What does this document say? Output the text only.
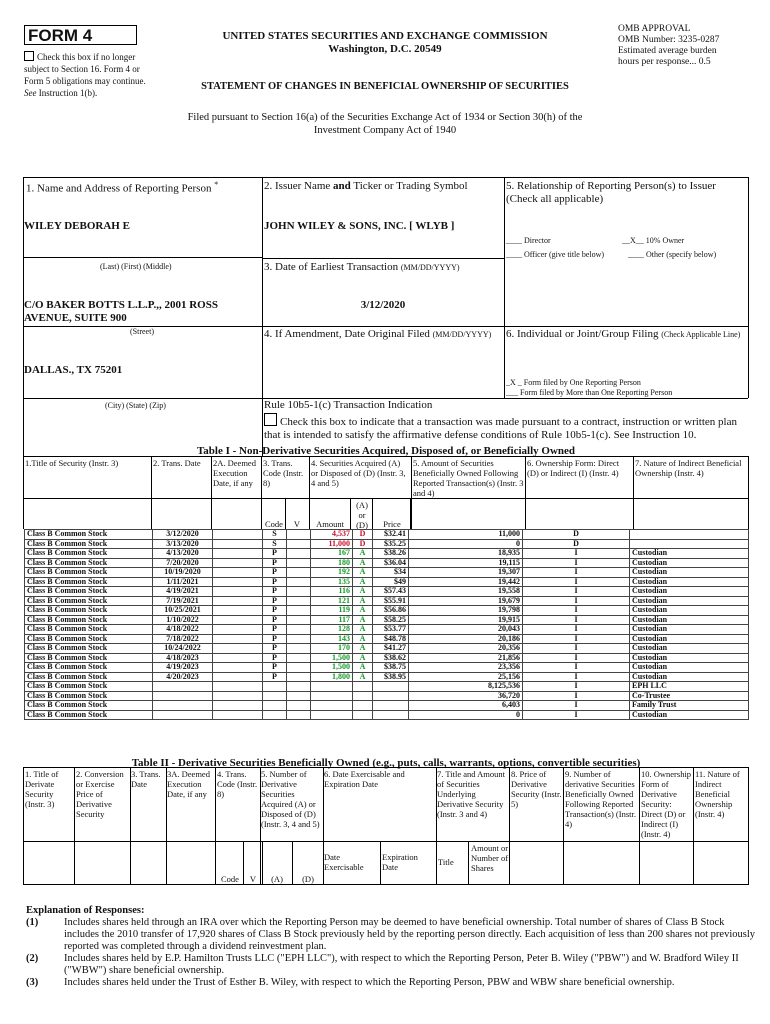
FORM 4
Check this box if no longer subject to Section 16. Form 4 or Form 5 obligations may continue. See Instruction 1(b).
UNITED STATES SECURITIES AND EXCHANGE COMMISSION
Washington, D.C. 20549
OMB APPROVAL
OMB Number: 3235-0287
Estimated average burden
hours per response... 0.5
STATEMENT OF CHANGES IN BENEFICIAL OWNERSHIP OF SECURITIES
Filed pursuant to Section 16(a) of the Securities Exchange Act of 1934 or Section 30(h) of the
Investment Company Act of 1940
1. Name and Address of Reporting Person *
WILEY DEBORAH E
(Last) (First) (Middle)
C/O BAKER BOTTS L.L.P.,, 2001 ROSS AVENUE, SUITE 900
(Street)
DALLAS., TX 75201
(City) (State) (Zip)
2. Issuer Name and Ticker or Trading Symbol
JOHN WILEY & SONS, INC. [ WLYB ]
3. Date of Earliest Transaction (MM/DD/YYYY)
3/12/2020
4. If Amendment, Date Original Filed (MM/DD/YYYY)
5. Relationship of Reporting Person(s) to Issuer
(Check all applicable)
____ Director	__X__ 10% Owner
____ Officer (give title below)	____ Other (specify below)
6. Individual or Joint/Group Filing (Check Applicable Line)
_X _ Form filed by One Reporting Person
___ Form filed by More than One Reporting Person
Rule 10b5-1(c) Transaction Indication
Check this box to indicate that a transaction was made pursuant to a contract, instruction or written plan that is intended to satisfy the affirmative defense conditions of Rule 10b5-1(c). See Instruction 10.
Table I - Non-Derivative Securities Acquired, Disposed of, or Beneficially Owned
1.Title of Security (Instr. 3)	2. Trans. Date	2A. Deemed Execution Date, if any
3. Trans. Code (Instr. 8)
4. Securities Acquired (A) or Disposed of (D) (Instr. 3, 4 and 5)
5. Amount of Securities Beneficially Owned Following Reported Transaction(s) (Instr. 3 and 4)
6. Ownership Form: Direct (D) or Indirect (I) (Instr. 4)
7. Nature of Indirect Beneficial Ownership (Instr. 4)
Code	V	Amount
(A) or (D)	Price
Class B Common Stock	3/12/2020		S		4,537	D	$32.41	11,000	D	
Class B Common Stock	3/13/2020		S		11,000	D	$35.25	0	D	
Class B Common Stock	4/13/2020		P		167	A	$38.26	18,935	I	Custodian
Class B Common Stock	7/20/2020		P		180	A	$36.04	19,115	I	Custodian
Class B Common Stock	10/19/2020		P		192	A	$34	19,307	I	Custodian
Class B Common Stock	1/11/2021		P		135	A	$49	19,442	I	Custodian
Class B Common Stock	4/19/2021		P		116	A	$57.43	19,558	I	Custodian
Class B Common Stock	7/19/2021		P		121	A	$55.91	19,679	I	Custodian
Class B Common Stock	10/25/2021		P		119	A	$56.86	19,798	I	Custodian
Class B Common Stock	1/10/2022		P		117	A	$58.25	19,915	I	Custodian
Class B Common Stock	4/18/2022		P		128	A	$53.77	20,043	I	Custodian
Class B Common Stock	7/18/2022		P		143	A	$48.78	20,186	I	Custodian
Class B Common Stock	10/24/2022		P		170	A	$41.27	20,356	I	Custodian
Class B Common Stock	4/18/2023		P		1,500	A	$38.62	21,856	I	Custodian
Class B Common Stock	4/19/2023		P		1,500	A	$38.75	23,356	I	Custodian
Class B Common Stock	4/20/2023		P		1,800	A	$38.95	25,156	I	Custodian
Class B Common Stock								8,125,536	I	EPH LLC
Class B Common Stock								36,720	I	Co-Trustee
Class B Common Stock								6,403	I	Family Trust
Class B Common Stock								0	I	Custodian
Table II - Derivative Securities Beneficially Owned (e.g., puts, calls, warrants, options, convertible securities)
1. Title of Derivate Security (Instr. 3)
2. Conversion or Exercise Price of Derivative Security
3. Trans. Date
3A. Deemed Execution Date, if any
4. Trans. Code (Instr. 8)
5. Number of Derivative Securities Acquired (A) or Disposed of (D) (Instr. 3, 4 and 5)
6. Date Exercisable and Expiration Date
7. Title and Amount of Securities Underlying Derivative Security (Instr. 3 and 4)
8. Price of Derivative Security (Instr. 5)
9. Number of derivative Securities Beneficially Owned Following Reported Transaction(s) (Instr. 4)
10. Ownership Form of Derivative Security: Direct (D) or Indirect (I) (Instr. 4)
11. Nature of Indirect Beneficial Ownership (Instr. 4)
Code	V	(A)	(D)
Date Exercisable
Expiration Date	Title
Amount or Number of Shares
Explanation of Responses:
(1)	Includes shares held through an IRA over which the Reporting Person may be deemed to have beneficial ownership. Total number of shares of Class B Stock includes the 2010 transfer of 17,920 shares of Class B Stock previously held by the reporting person directly. Each acquisition of less than 200 shares not previously reported was completed through a dividend reinvestment plan.
(2)	Includes shares held by E.P. Hamilton Trusts LLC ("EPH LLC"), with respect to which the Reporting Person, Peter B. Wiley ("PBW") and W. Bradford Wiley II ("WBW") share beneficial ownership.
(3)	Includes shares held under the Trust of Esther B. Wiley, with respect to which the Reporting Person, PBW and WBW share beneficial ownership.
